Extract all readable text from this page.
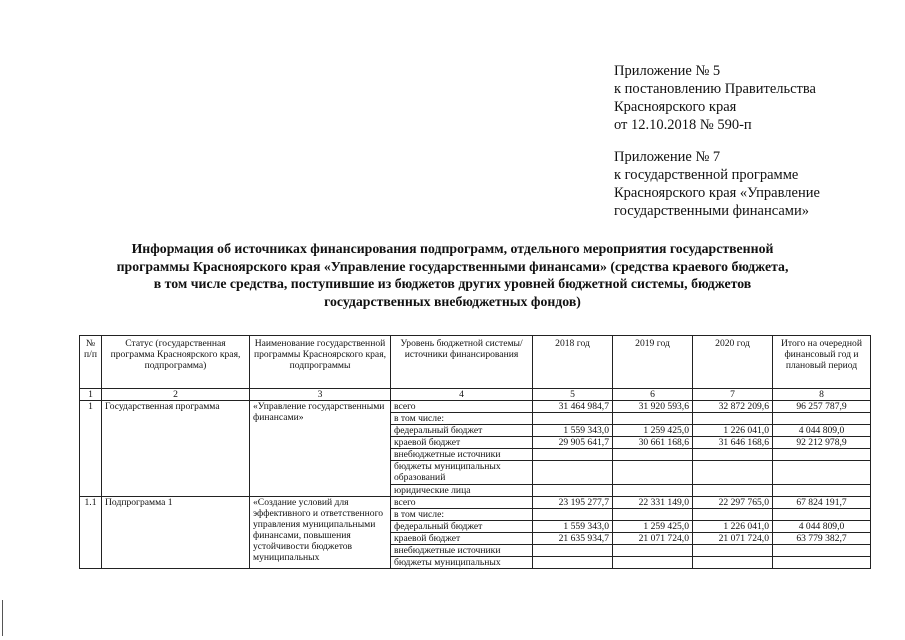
Приложение № 5
к постановлению Правительства
Красноярского края
от 12.10.2018 № 590-п
Приложение № 7
к государственной программе
Красноярского края «Управление
государственными финансами»
Информация об источниках финансирования подпрограмм, отдельного мероприятия государственной
программы Красноярского края «Управление государственными финансами» (средства краевого бюджета,
в том числе средства, поступившие из бюджетов других уровней бюджетной системы, бюджетов
государственных внебюджетных фондов)
№ п/п	Статус (государственная программа Красноярского края, подпрограмма)	Наименование государственной программы Красноярского края, подпрограммы	Уровень бюджетной системы/ источники финансирования	2018 год	2019 год	2020 год	Итого на очередной финансовый год и плановый период
1	2	3	4	5	6	7	8
1	Государственная программа	«Управление государственными финансами»	всего	31 464 984,7	31 920 593,6	32 872 209,6	96 257 787,9
			в том числе:				
			федеральный бюджет	1 559 343,0	1 259 425,0	1 226 041,0	4 044 809,0
			краевой бюджет	29 905 641,7	30 661 168,6	31 646 168,6	92 212 978,9
			внебюджетные источники				
			бюджеты муниципальных образований				
			юридические лица				
1.1	Подпрограмма 1	«Создание условий для эффективного и ответственного управления муниципальными финансами, повышения устойчивости бюджетов муниципальных	всего	23 195 277,7	22 331 149,0	22 297 765,0	67 824 191,7
			в том числе:				
			федеральный бюджет	1 559 343,0	1 259 425,0	1 226 041,0	4 044 809,0
			краевой бюджет	21 635 934,7	21 071 724,0	21 071 724,0	63 779 382,7
			внебюджетные источники				
			бюджеты муниципальных				
